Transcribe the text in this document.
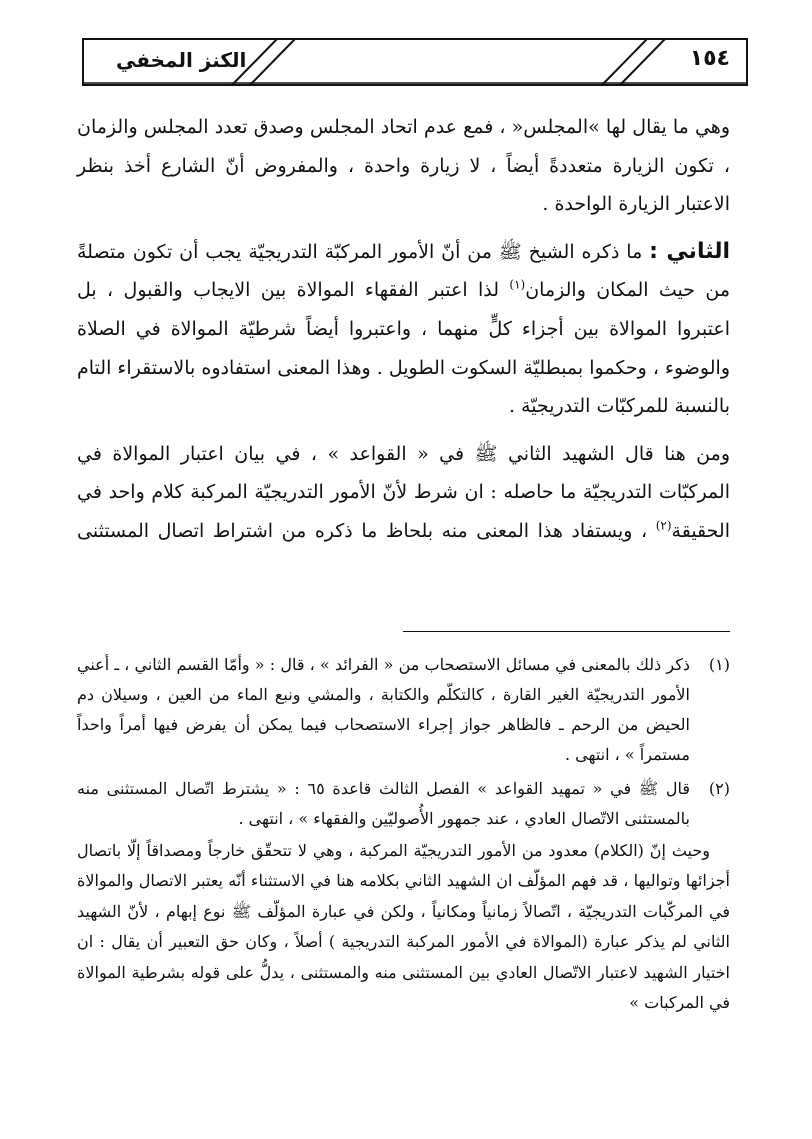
١٥٤
الكنز المخفي

وهي ما يقال لها »المجلس« ، فمع عدم اتحاد المجلس وصدق تعدد المجلس والزمان ، تكون الزيارة متعددةً أيضاً ، لا زيارة واحدة ، والمفروض أنّ الشارع أخذ بنظر الاعتبار الزيارة الواحدة .

الثاني : ما ذكره الشيخ ﷺ من أنّ الأمور المركبّة التدريجيّة يجب أن تكون متصلةً من حيث المكان والزمان$^{(١)}$ لذا اعتبر الفقهاء الموالاة بين الايجاب والقبول ، بل اعتبروا الموالاة بين أجزاء كلٍّ منهما ، واعتبروا أيضاً شرطيّة الموالاة في الصلاة والوضوء ، وحكموا بمبطليّة السكوت الطويل . وهذا المعنى استفادوه بالاستقراء التام بالنسبة للمركبّات التدريجيّة .

ومن هنا قال الشهيد الثاني ﷺ في « القواعد » ، في بيان اعتبار الموالاة في المركبّات التدريجيّة ما حاصله : ان شرط لأنّ الأمور التدريجيّة المركبة كلام واحد في الحقيقة$^{(٢)}$ ، ويستفاد هذا المعنى منه بلحاظ ما ذكره من اشتراط اتصال المستثنى

(١)
ذكر ذلك بالمعنى في مسائل الاستصحاب من « الفرائد » ، قال : « وأمّا القسم الثاني ، ـ أعني الأمور التدريجيّة الغير القارة ، كالتكلّم والكتابة ، والمشي ونبع الماء من العين ، وسيلان دم الحيض من الرحم ـ فالظاهر جواز إجراء الاستصحاب فيما يمكن أن يفرض فيها أمراً واحداً مستمراً » ، انتهى .

(٢)
قال ﷺ في « تمهيد القواعد » الفصل الثالث قاعدة ٦٥ : « يشترط اتّصال المستثنى منه بالمستثنى الاتّصال العادي ، عند جمهور الأُصوليّين والفقهاء » ، انتهى .

وحيث إنّ (الكلام) معدود من الأمور التدريجيّة المركبة ، وهي لا تتحقّق خارجاً ومصداقاً إلّا باتصال أجزائها وتواليها ، قد فهم المؤلّف ان الشهيد الثاني بكلامه هنا في الاستثناء أنّه يعتبر الاتصال والموالاة في المركّبات التدريجيّة ، اتّصالاً زمانياً ومكانياً ، ولكن في عبارة المؤلّف ﷺ نوع إبهام ، لأنّ الشهيد الثاني لم يذكر عبارة (الموالاة في الأمور المركبة التدريجية ) أصلاً ، وكان حق التعبير أن يقال : ان اختيار الشهيد لاعتبار الاتّصال العادي بين المستثنى منه والمستثنى ، يدلُّ على قوله بشرطية الموالاة في المركبات »
